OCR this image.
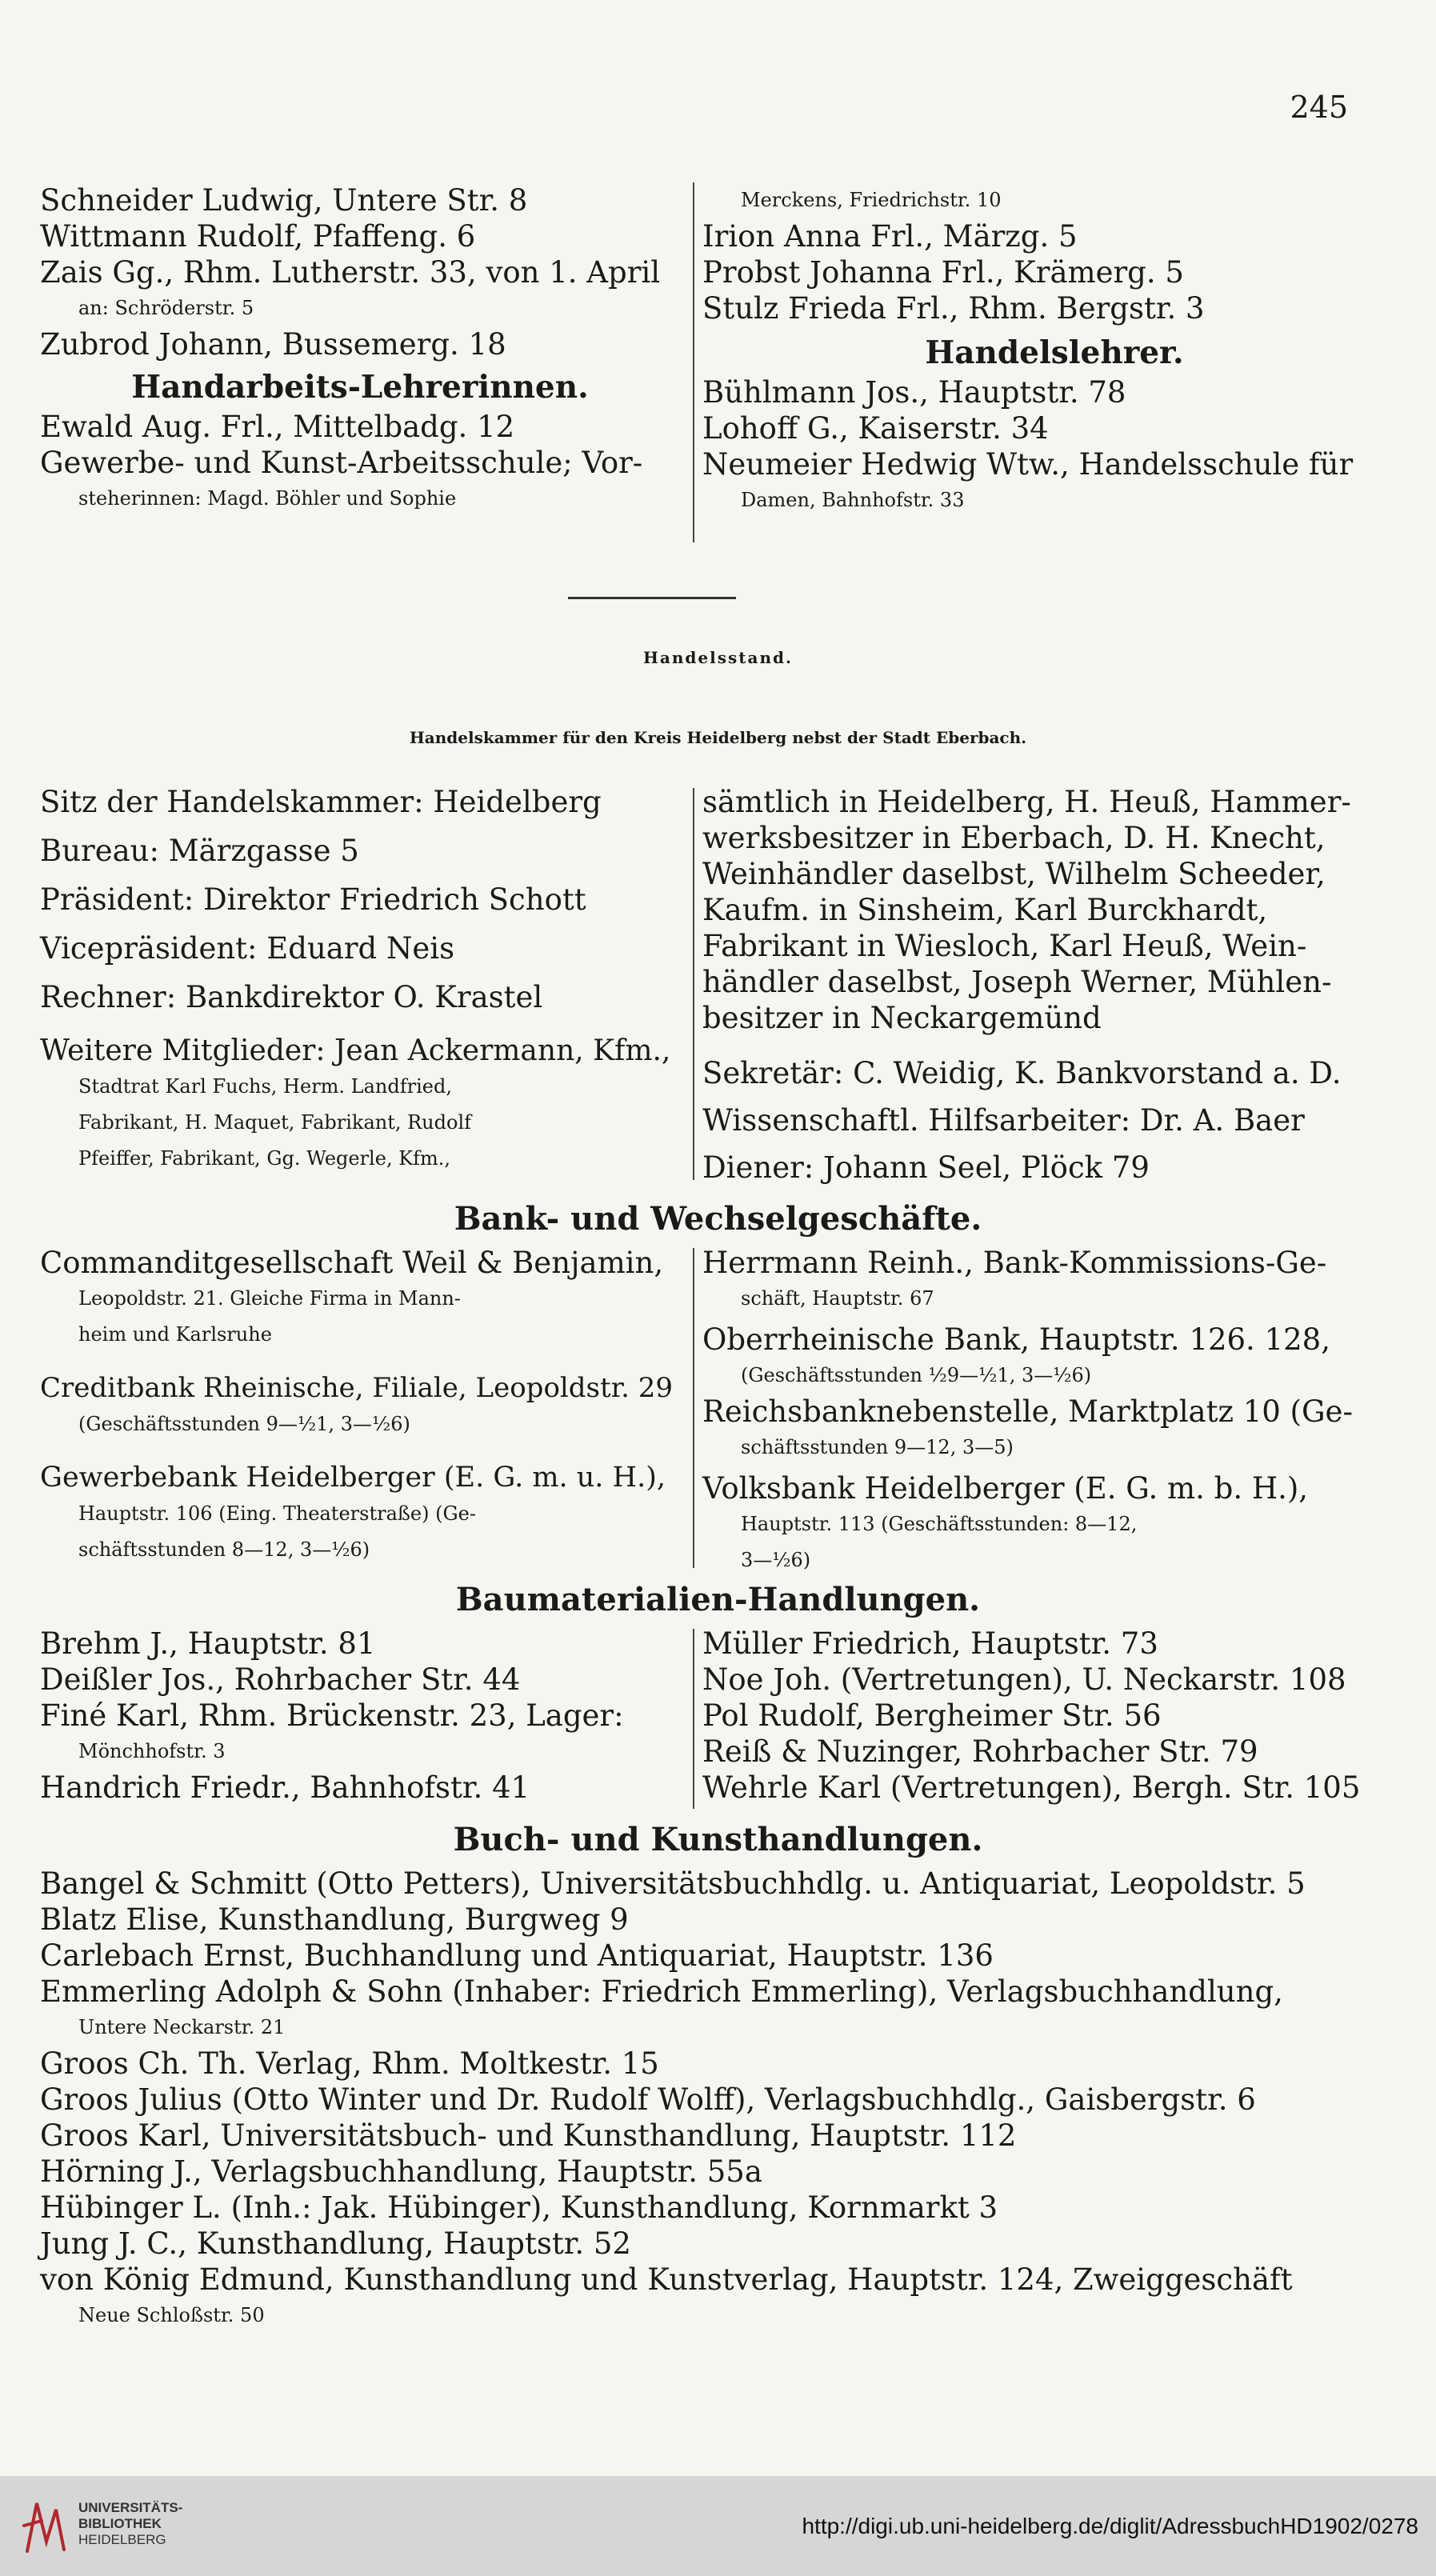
245
Schneider Ludwig, Untere Str. 8
Wittmann Rudolf, Pfaffeng. 6
Zais Gg., Rhm. Lutherstr. 33, von 1. April
an: Schröderstr. 5
Zubrod Johann, Bussemerg. 18
Handarbeits-Lehrerinnen.
Ewald Aug. Frl., Mittelbadg. 12
Gewerbe- und Kunst-Arbeitsschule; Vor-
steherinnen: Magd. Böhler und Sophie
Merckens, Friedrichstr. 10
Irion Anna Frl., Märzg. 5
Probst Johanna Frl., Krämerg. 5
Stulz Frieda Frl., Rhm. Bergstr. 3
Handelslehrer.
Bühlmann Jos., Hauptstr. 78
Lohoff G., Kaiserstr. 34
Neumeier Hedwig Wtw., Handelsschule für
Damen, Bahnhofstr. 33
Handelsstand.
Handelskammer für den Kreis Heidelberg nebst der Stadt Eberbach.
Sitz der Handelskammer: Heidelberg
Bureau: Märzgasse 5
Präsident: Direktor Friedrich Schott
Vicepräsident: Eduard Neis
Rechner: Bankdirektor O. Krastel
Weitere Mitglieder: Jean Ackermann, Kfm.,
Stadtrat Karl Fuchs, Herm. Landfried,
Fabrikant, H. Maquet, Fabrikant, Rudolf
Pfeiffer, Fabrikant, Gg. Wegerle, Kfm.,
sämtlich in Heidelberg, H. Heuß, Hammer-
werksbesitzer in Eberbach, D. H. Knecht,
Weinhändler daselbst, Wilhelm Scheeder,
Kaufm. in Sinsheim, Karl Burckhardt,
Fabrikant in Wiesloch, Karl Heuß, Wein-
händler daselbst, Joseph Werner, Mühlen-
besitzer in Neckargemünd
Sekretär: C. Weidig, K. Bankvorstand a. D.
Wissenschaftl. Hilfsarbeiter: Dr. A. Baer
Diener: Johann Seel, Plöck 79
Bank- und Wechselgeschäfte.
Commanditgesellschaft Weil & Benjamin,
Leopoldstr. 21. Gleiche Firma in Mann-
heim und Karlsruhe
Creditbank Rheinische, Filiale, Leopoldstr. 29
(Geschäftsstunden 9—½1, 3—½6)
Gewerbebank Heidelberger (E. G. m. u. H.),
Hauptstr. 106 (Eing. Theaterstraße) (Ge-
schäftsstunden 8—12, 3—½6)
Herrmann Reinh., Bank-Kommissions-Ge-
schäft, Hauptstr. 67
Oberrheinische Bank, Hauptstr. 126. 128,
(Geschäftsstunden ½9—½1, 3—½6)
Reichsbanknebenstelle, Marktplatz 10 (Ge-
schäftsstunden 9—12, 3—5)
Volksbank Heidelberger (E. G. m. b. H.),
Hauptstr. 113 (Geschäftsstunden: 8—12,
3—½6)
Baumaterialien-Handlungen.
Brehm J., Hauptstr. 81
Deißler Jos., Rohrbacher Str. 44
Finé Karl, Rhm. Brückenstr. 23, Lager:
Mönchhofstr. 3
Handrich Friedr., Bahnhofstr. 41
Müller Friedrich, Hauptstr. 73
Noe Joh. (Vertretungen), U. Neckarstr. 108
Pol Rudolf, Bergheimer Str. 56
Reiß & Nuzinger, Rohrbacher Str. 79
Wehrle Karl (Vertretungen), Bergh. Str. 105
Buch- und Kunsthandlungen.
Bangel & Schmitt (Otto Petters), Universitätsbuchhdlg. u. Antiquariat, Leopoldstr. 5
Blatz Elise, Kunsthandlung, Burgweg 9
Carlebach Ernst, Buchhandlung und Antiquariat, Hauptstr. 136
Emmerling Adolph & Sohn (Inhaber: Friedrich Emmerling), Verlagsbuchhandlung,
Untere Neckarstr. 21
Groos Ch. Th. Verlag, Rhm. Moltkestr. 15
Groos Julius (Otto Winter und Dr. Rudolf Wolff), Verlagsbuchhdlg., Gaisbergstr. 6
Groos Karl, Universitätsbuch- und Kunsthandlung, Hauptstr. 112
Hörning J., Verlagsbuchhandlung, Hauptstr. 55a
Hübinger L. (Inh.: Jak. Hübinger), Kunsthandlung, Kornmarkt 3
Jung J. C., Kunsthandlung, Hauptstr. 52
von König Edmund, Kunsthandlung und Kunstverlag, Hauptstr. 124, Zweiggeschäft
Neue Schloßstr. 50
UNIVERSITÄTS-
BIBLIOTHEK
HEIDELBERG
http://digi.ub.uni-heidelberg.de/diglit/AdressbuchHD1902/0278
